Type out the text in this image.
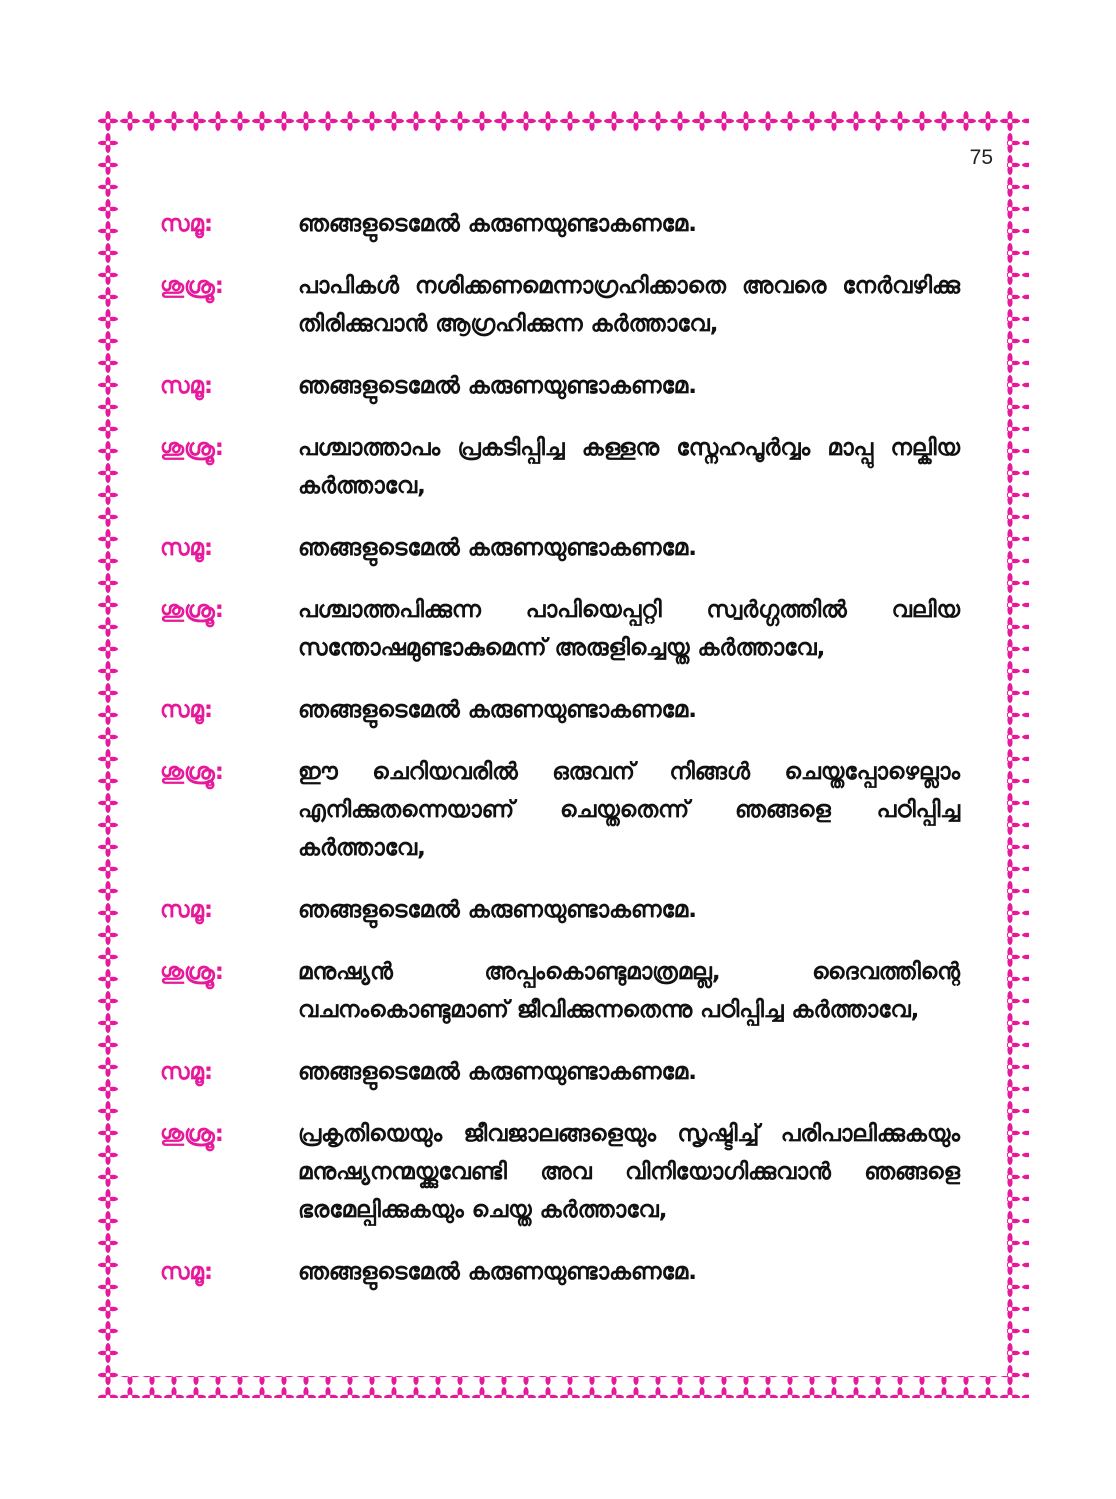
75
സമൂ:	ഞങ്ങളുടെമേൽ കരുണയുണ്ടാകണമേ.
ശുശ്രൂ:	പാപികൾ നശിക്കണമെന്നാഗ്രഹിക്കാതെ അവരെ നേർവഴിക്കു തിരിക്കുവാൻ ആഗ്രഹിക്കുന്ന കർത്താവേ,
സമൂ:	ഞങ്ങളുടെമേൽ കരുണയുണ്ടാകണമേ.
ശുശ്രൂ:	പശ്ചാത്താപം പ്രകടിപ്പിച്ച കള്ളനു സ്നേഹപൂർവ്വം മാപ്പു നല്കിയ കർത്താവേ,
സമൂ:	ഞങ്ങളുടെമേൽ കരുണയുണ്ടാകണമേ.
ശുശ്രൂ:	പശ്ചാത്തപിക്കുന്ന പാപിയെപ്പറ്റി സ്വർഗ്ഗത്തിൽ വലിയ സന്തോഷമുണ്ടാകുമെന്ന് അരുളിച്ചെയ്ത കർത്താവേ,
സമൂ:	ഞങ്ങളുടെമേൽ കരുണയുണ്ടാകണമേ.
ശുശ്രൂ:	ഈ ചെറിയവരിൽ ഒരുവന് നിങ്ങൾ ചെയ്തപ്പോഴെല്ലാം എനിക്കുതന്നെയാണ് ചെയ്തതെന്ന് ഞങ്ങളെ പഠിപ്പിച്ച കർത്താവേ,
സമൂ:	ഞങ്ങളുടെമേൽ കരുണയുണ്ടാകണമേ.
ശുശ്രൂ:	മനുഷ്യൻ അപ്പംകൊണ്ടുമാത്രമല്ല, ദൈവത്തിന്റെ വചനംകൊണ്ടുമാണ് ജീവിക്കുന്നതെന്നു പഠിപ്പിച്ച കർത്താവേ,
സമൂ:	ഞങ്ങളുടെമേൽ കരുണയുണ്ടാകണമേ.
ശുശ്രൂ:	പ്രകൃതിയെയും ജീവജാലങ്ങളെയും സൃഷ്ടിച്ച് പരിപാലിക്കുകയും മനുഷ്യനന്മയ്ക്കുവേണ്ടി അവ വിനിയോഗിക്കുവാൻ ഞങ്ങളെ ഭരമേല്പിക്കുകയും ചെയ്ത കർത്താവേ,
സമൂ:	ഞങ്ങളുടെമേൽ കരുണയുണ്ടാകണമേ.
